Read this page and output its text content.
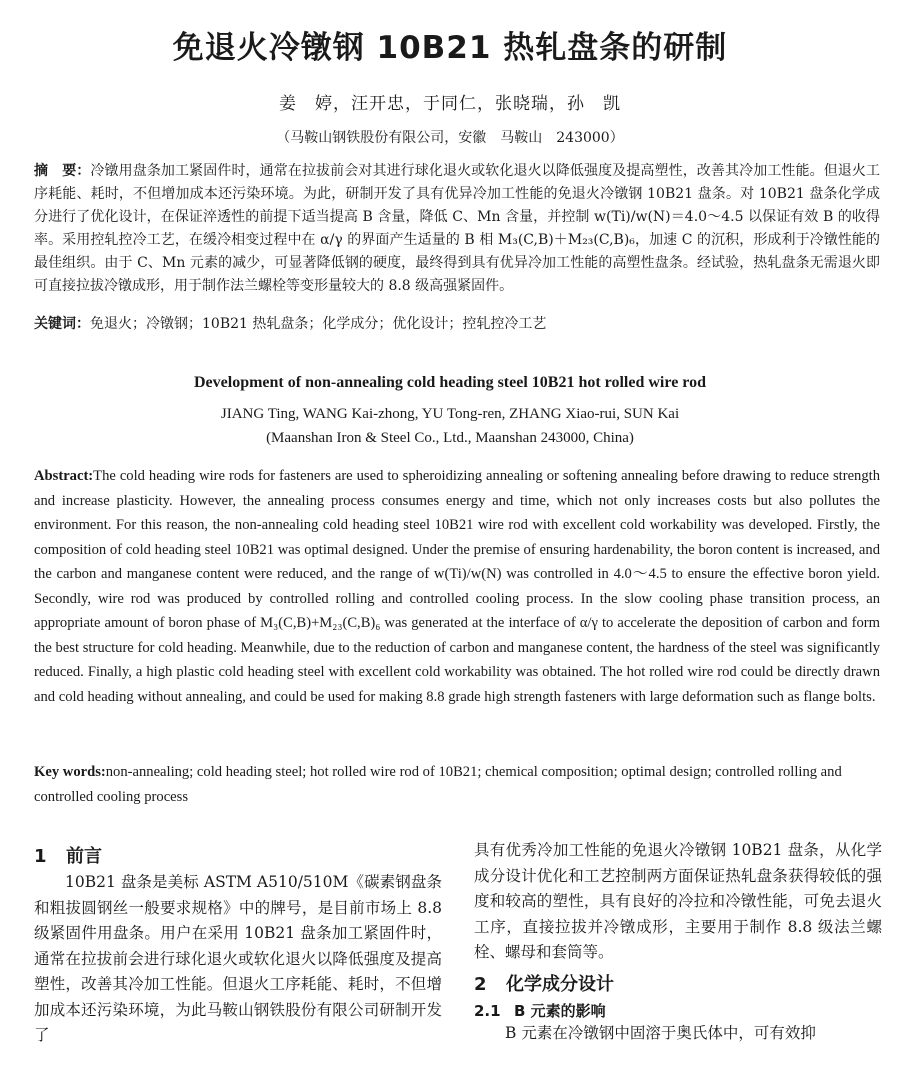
免退火冷镦钢 10B21 热轧盘条的研制
姜　婷，汪开忠，于同仁，张晓瑞，孙　凯
（马鞍山钢铁股份有限公司，安徽　马鞍山　243000）
摘　要：冷镦用盘条加工紧固件时，通常在拉拔前会对其进行球化退火或软化退火以降低强度及提高塑性，改善其冷加工性能。但退火工序耗能、耗时，不但增加成本还污染环境。为此，研制开发了具有优异冷加工性能的免退火冷镦钢 10B21 盘条。对 10B21 盘条化学成分进行了优化设计，在保证淬透性的前提下适当提高 B 含量，降低 C、Mn 含量，并控制 w(Ti)/w(N)＝4.0～4.5 以保证有效 B 的收得率。采用控轧控冷工艺，在缓冷相变过程中在 α/γ 的界面产生适量的 B 相 M₃(C,B)＋M₂₃(C,B)₆，加速 C 的沉积，形成利于冷镦性能的最佳组织。由于 C、Mn 元素的减少，可显著降低钢的硬度，最终得到具有优异冷加工性能的高塑性盘条。经试验，热轧盘条无需退火即可直接拉拔冷镦成形，用于制作法兰螺栓等变形量较大的 8.8 级高强紧固件。
关键词：免退火；冷镦钢；10B21 热轧盘条；化学成分；优化设计；控轧控冷工艺
Development of non-annealing cold heading steel 10B21 hot rolled wire rod
JIANG Ting, WANG Kai-zhong, YU Tong-ren, ZHANG Xiao-rui, SUN Kai
(Maanshan Iron & Steel Co., Ltd., Maanshan 243000, China)
Abstract:The cold heading wire rods for fasteners are used to spheroidizing annealing or softening annealing before drawing to reduce strength and increase plasticity. However, the annealing process consumes energy and time, which not only increases costs but also pollutes the environment. For this reason, the non-annealing cold heading steel 10B21 wire rod with excellent cold workability was developed. Firstly, the composition of cold heading steel 10B21 was optimal designed. Under the premise of ensuring hardenability, the boron content is increased, and the carbon and manganese content were reduced, and the range of w(Ti)/w(N) was controlled in 4.0～4.5 to ensure the effective boron yield. Secondly, wire rod was produced by controlled rolling and controlled cooling process. In the slow cooling phase transition process, an appropriate amount of boron phase of M₃(C,B)+M₂₃(C,B)₆ was generated at the interface of α/γ to accelerate the deposition of carbon and form the best structure for cold heading. Meanwhile, due to the reduction of carbon and manganese content, the hardness of the steel was significantly reduced. Finally, a high plastic cold heading steel with excellent cold workability was obtained. The hot rolled wire rod could be directly drawn and cold heading without annealing, and could be used for making 8.8 grade high strength fasteners with large deformation such as flange bolts.
Key words:non-annealing; cold heading steel; hot rolled wire rod of 10B21; chemical composition; optimal design; controlled rolling and controlled cooling process
1 前言

10B21 盘条是美标 ASTM A510/510M《碳素钢盘条和粗拔圆钢丝一般要求规格》中的牌号，是目前市场上 8.8 级紧固件用盘条。用户在采用 10B21 盘条加工紧固件时，通常在拉拔前会进行球化退火或软化退火以降低强度及提高塑性，改善其冷加工性能。但退火工序耗能、耗时，不但增加成本还污染环境，为此马鞍山钢铁股份有限公司研制开发了

具有优秀冷加工性能的免退火冷镦钢 10B21 盘条，从化学成分设计优化和工艺控制两方面保证热轧盘条获得较低的强度和较高的塑性，具有良好的冷拉和冷镦性能，可免去退火工序，直接拉拔并冷镦成形，主要用于制作 8.8 级法兰螺栓、螺母和套筒等。

2 化学成分设计
2.1 B 元素的影响

B 元素在冷镦钢中固溶于奥氏体中，可有效抑
